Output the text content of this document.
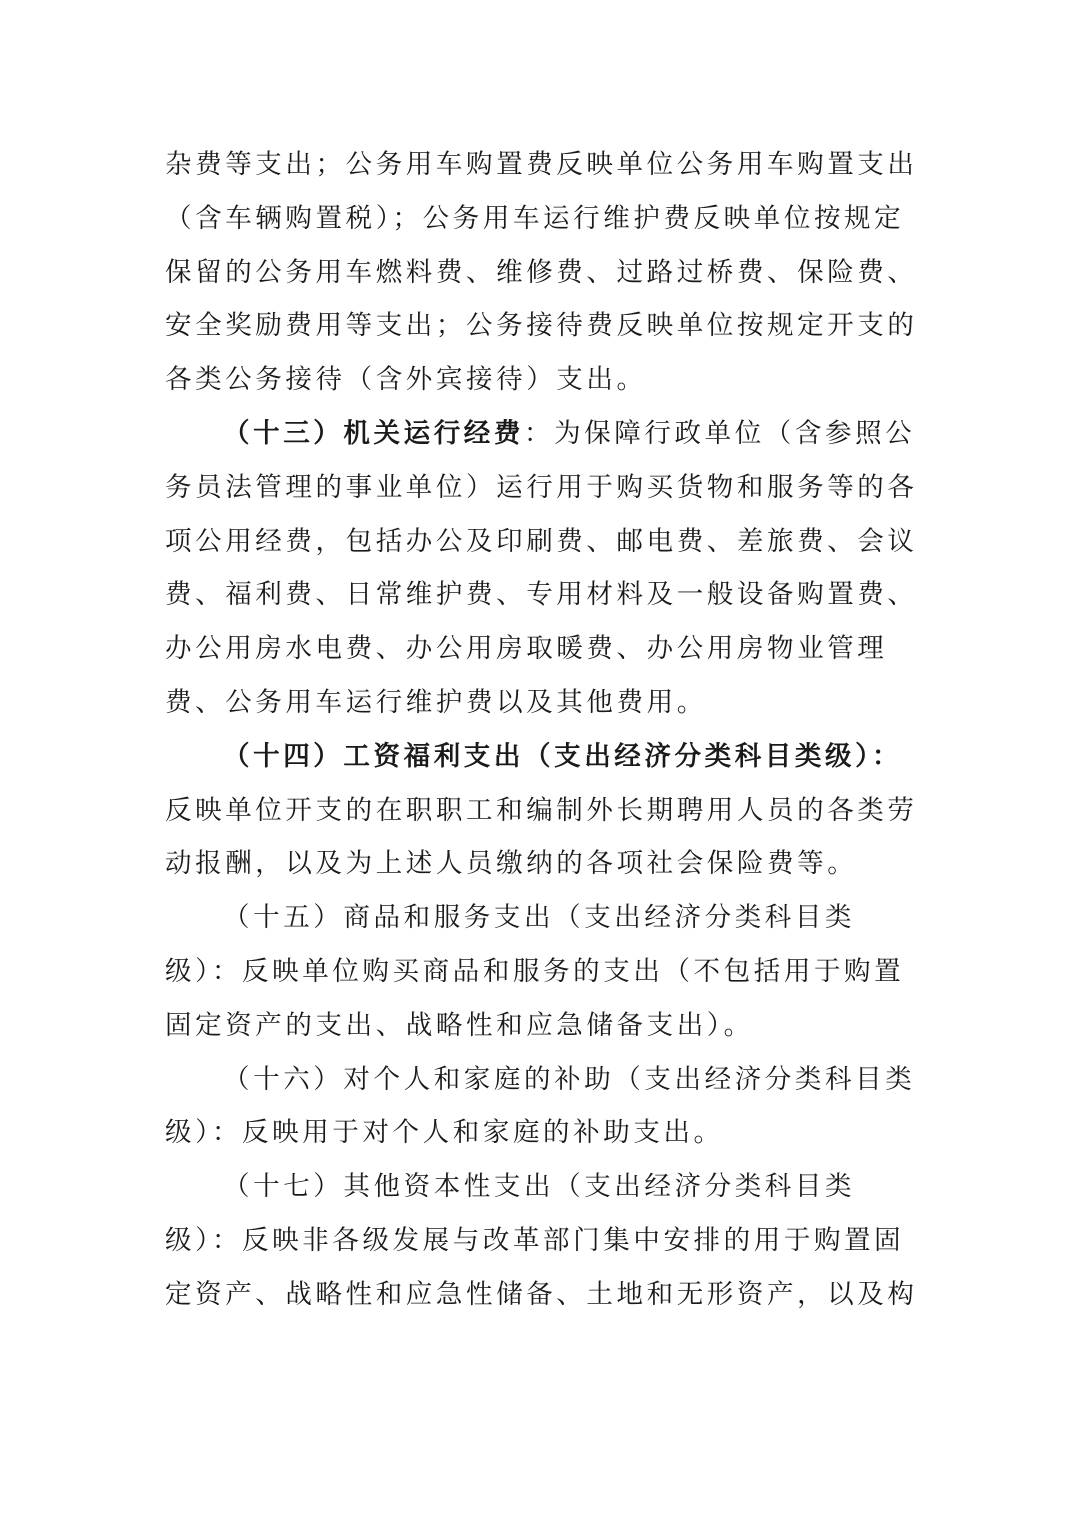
杂费等支出；公务用车购置费反映单位公务用车购置支出
（含车辆购置税）；公务用车运行维护费反映单位按规定
保留的公务用车燃料费、维修费、过路过桥费、保险费、
安全奖励费用等支出；公务接待费反映单位按规定开支的
各类公务接待（含外宾接待）支出。
（十三）机关运行经费：为保障行政单位（含参照公
务员法管理的事业单位）运行用于购买货物和服务等的各
项公用经费，包括办公及印刷费、邮电费、差旅费、会议
费、福利费、日常维护费、专用材料及一般设备购置费、
办公用房水电费、办公用房取暖费、办公用房物业管理
费、公务用车运行维护费以及其他费用。
（十四）工资福利支出（支出经济分类科目类级）：
反映单位开支的在职职工和编制外长期聘用人员的各类劳
动报酬，以及为上述人员缴纳的各项社会保险费等。
（十五）商品和服务支出（支出经济分类科目类
级）：反映单位购买商品和服务的支出（不包括用于购置
固定资产的支出、战略性和应急储备支出）。
（十六）对个人和家庭的补助（支出经济分类科目类
级）：反映用于对个人和家庭的补助支出。
（十七）其他资本性支出（支出经济分类科目类
级）：反映非各级发展与改革部门集中安排的用于购置固
定资产、战略性和应急性储备、土地和无形资产，以及构
